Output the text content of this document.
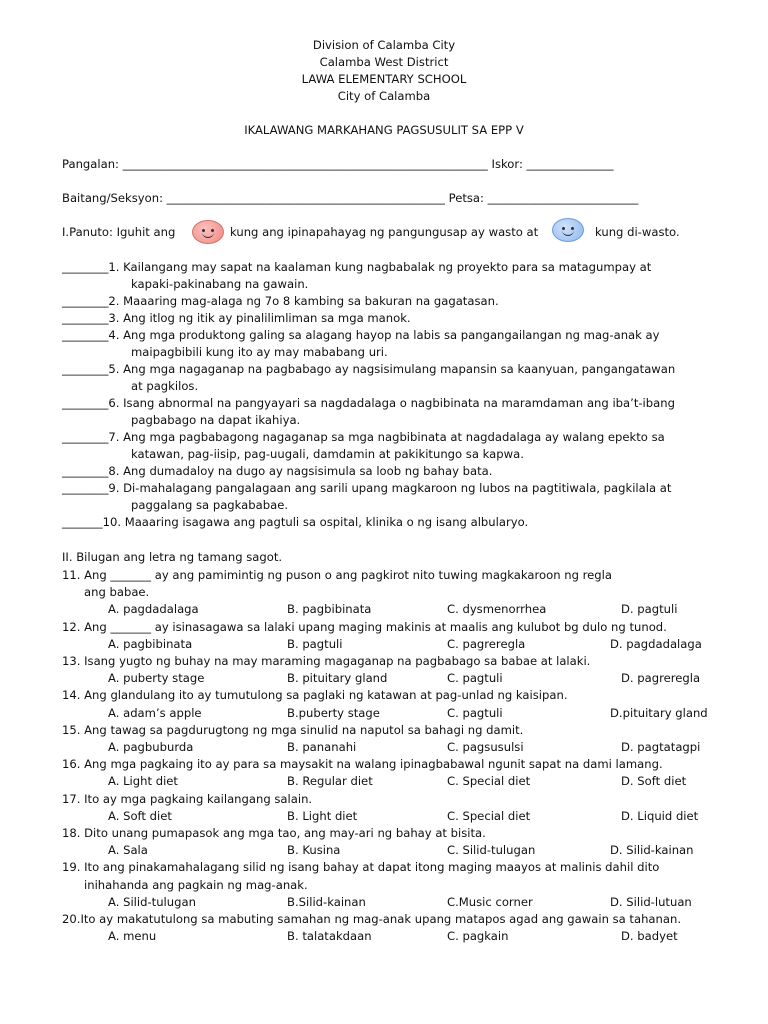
Division of Calamba City
Calamba West District
LAWA ELEMENTARY SCHOOL
City of Calamba
IKALAWANG MARKAHANG PAGSUSULIT SA EPP V
Pangalan: _______________________________________________________________ Iskor: _______________
Baitang/Seksyon: ________________________________________________ Petsa: __________________________
I.Panuto: Iguhit ang	kung ang ipinapahayag ng pangungusap ay wasto at	kung di-wasto.
________1. Kailangang may sapat na kaalaman kung nagbabalak ng proyekto para sa matagumpay at
kapaki-pakinabang na gawain.
________2. Maaaring mag-alaga ng 7o 8 kambing sa bakuran na gagatasan.
________3. Ang itlog ng itik ay pinalilimliman sa mga manok.
________4. Ang mga produktong galing sa alagang hayop na labis sa pangangailangan ng mag-anak ay
maipagbibili kung ito ay may mababang uri.
________5. Ang mga nagaganap na pagbabago ay nagsisimulang mapansin sa kaanyuan, pangangatawan
at pagkilos.
________6. Isang abnormal na pangyayari sa nagdadalaga o nagbibinata na maramdaman ang iba’t-ibang
pagbabago na dapat ikahiya.
________7. Ang mga pagbabagong nagaganap sa mga nagbibinata at nagdadalaga ay walang epekto sa
katawan, pag-iisip, pag-uugali, damdamin at pakikitungo sa kapwa.
________8. Ang dumadaloy na dugo ay nagsisimula sa loob ng bahay bata.
________9. Di-mahalagang pangalagaan ang sarili upang magkaroon ng lubos na pagtitiwala, pagkilala at
paggalang sa pagkababae.
_______10. Maaaring isagawa ang pagtuli sa ospital, klinika o ng isang albularyo.
II. Bilugan ang letra ng tamang sagot.
11. Ang _______ ay ang pamimintig ng puson o ang pagkirot nito tuwing magkakaroon ng regla
ang babae.
A. pagdadalaga	B. pagbibinata	C. dysmenorrhea	D. pagtuli
12. Ang _______ ay isinasagawa sa lalaki upang maging makinis at maalis ang kulubot bg dulo ng tunod.
A. pagbibinata	B. pagtuli	C. pagreregla	D. pagdadalaga
13. Isang yugto ng buhay na may maraming magaganap na pagbabago sa babae at lalaki.
A. puberty stage	B. pituitary gland	C. pagtuli	D. pagreregla
14. Ang glandulang ito ay tumutulong sa paglaki ng katawan at pag-unlad ng kaisipan.
A. adam’s apple	B.puberty stage	C. pagtuli	D.pituitary gland
15. Ang tawag sa pagdurugtong ng mga sinulid na naputol sa bahagi ng damit.
A. pagbuburda	B. pananahi	C. pagsusulsi	D. pagtatagpi
16. Ang mga pagkaing ito ay para sa maysakit na walang ipinagbabawal ngunit sapat na dami lamang.
A. Light diet	B. Regular diet	C. Special diet	D. Soft diet
17. Ito ay mga pagkaing kailangang salain.
A. Soft diet	B. Light diet	C. Special diet	D. Liquid diet
18. Dito unang pumapasok ang mga tao, ang may-ari ng bahay at bisita.
A. Sala	B. Kusina	C. Silid-tulugan	D. Silid-kainan
19. Ito ang pinakamahalagang silid ng isang bahay at dapat itong maging maayos at malinis dahil dito
inihahanda ang pagkain ng mag-anak.
A. Silid-tulugan	B.Silid-kainan	C.Music corner	D. Silid-lutuan
20.Ito ay makatutulong sa mabuting samahan ng mag-anak upang matapos agad ang gawain sa tahanan.
A. menu	B. talatakdaan	C. pagkain	D. badyet
